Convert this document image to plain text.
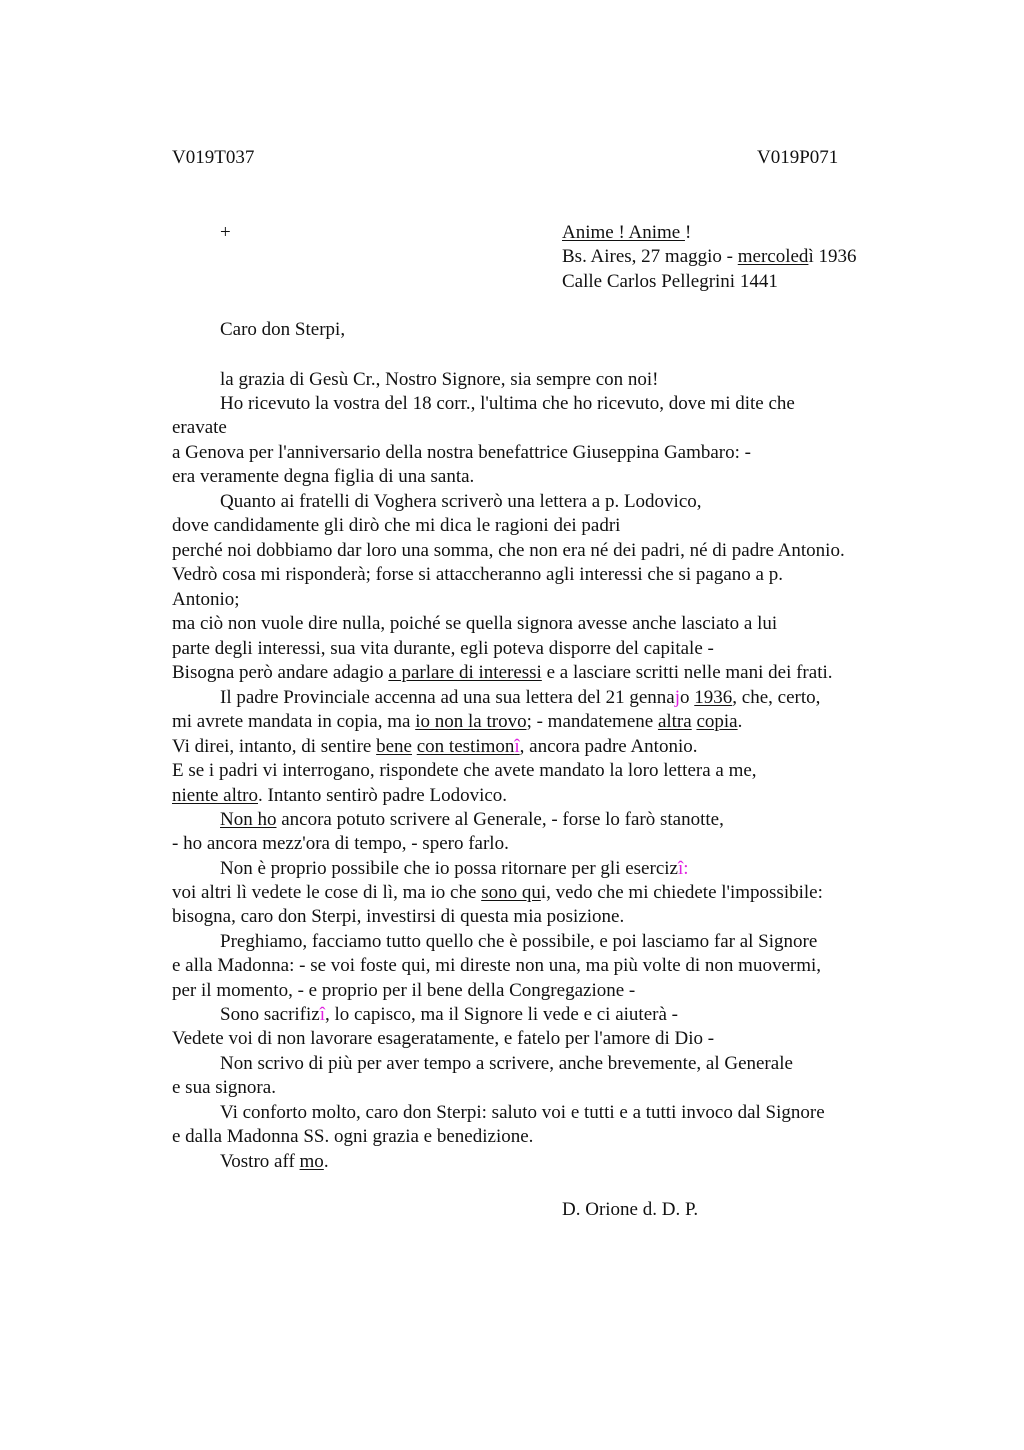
V019T037	V019P071
+	Anime ! Anime !
Bs. Aires, 27 maggio - mercoledì 1936
Calle Carlos Pellegrini 1441
Caro don Sterpi,
la grazia di Gesù Cr., Nostro Signore, sia sempre con noi!
Ho ricevuto la vostra del 18 corr., l'ultima che ho ricevuto, dove mi dite che
eravate
a Genova per l'anniversario della nostra benefattrice Giuseppina Gambaro: -
era veramente degna figlia di una santa.
Quanto ai fratelli di Voghera scriverò una lettera a p. Lodovico,
dove candidamente gli dirò che mi dica le ragioni dei padri
perché noi dobbiamo dar loro una somma, che non era né dei padri, né di padre Antonio.
Vedrò cosa mi risponderà; forse si attaccheranno agli interessi che si pagano a p.
Antonio;
ma ciò non vuole dire nulla, poiché se quella signora avesse anche lasciato a lui
parte degli interessi, sua vita durante, egli poteva disporre del capitale -
Bisogna però andare adagio a parlare di interessi e a lasciare scritti nelle mani dei frati.
Il padre Provinciale accenna ad una sua lettera del 21 gennajo 1936, che, certo,
mi avrete mandata in copia, ma io non la trovo; - mandatemene altra copia.
Vi direi, intanto, di sentire bene con testimonî, ancora padre Antonio.
E se i padri vi interrogano, rispondete che avete mandato la loro lettera a me,
niente altro. Intanto sentirò padre Lodovico.
Non ho ancora potuto scrivere al Generale, - forse lo farò stanotte,
- ho ancora mezz'ora di tempo, - spero farlo.
Non è proprio possibile che io possa ritornare per gli esercizî:
voi altri lì vedete le cose di lì, ma io che sono qui, vedo che mi chiedete l'impossibile:
bisogna, caro don Sterpi, investirsi di questa mia posizione.
Preghiamo, facciamo tutto quello che è possibile, e poi lasciamo far al Signore
e alla Madonna: - se voi foste qui, mi direste non una, ma più volte di non muovermi,
per il momento, - e proprio per il bene della Congregazione -
Sono sacrifizî, lo capisco, ma il Signore li vede e ci aiuterà -
Vedete voi di non lavorare esageratamente, e fatelo per l'amore di Dio -
Non scrivo di più per aver tempo a scrivere, anche brevemente, al Generale
e sua signora.
Vi conforto molto, caro don Sterpi: saluto voi e tutti e a tutti invoco dal Signore
e dalla Madonna SS. ogni grazia e benedizione.
Vostro aff mo.
D. Orione d. D. P.
